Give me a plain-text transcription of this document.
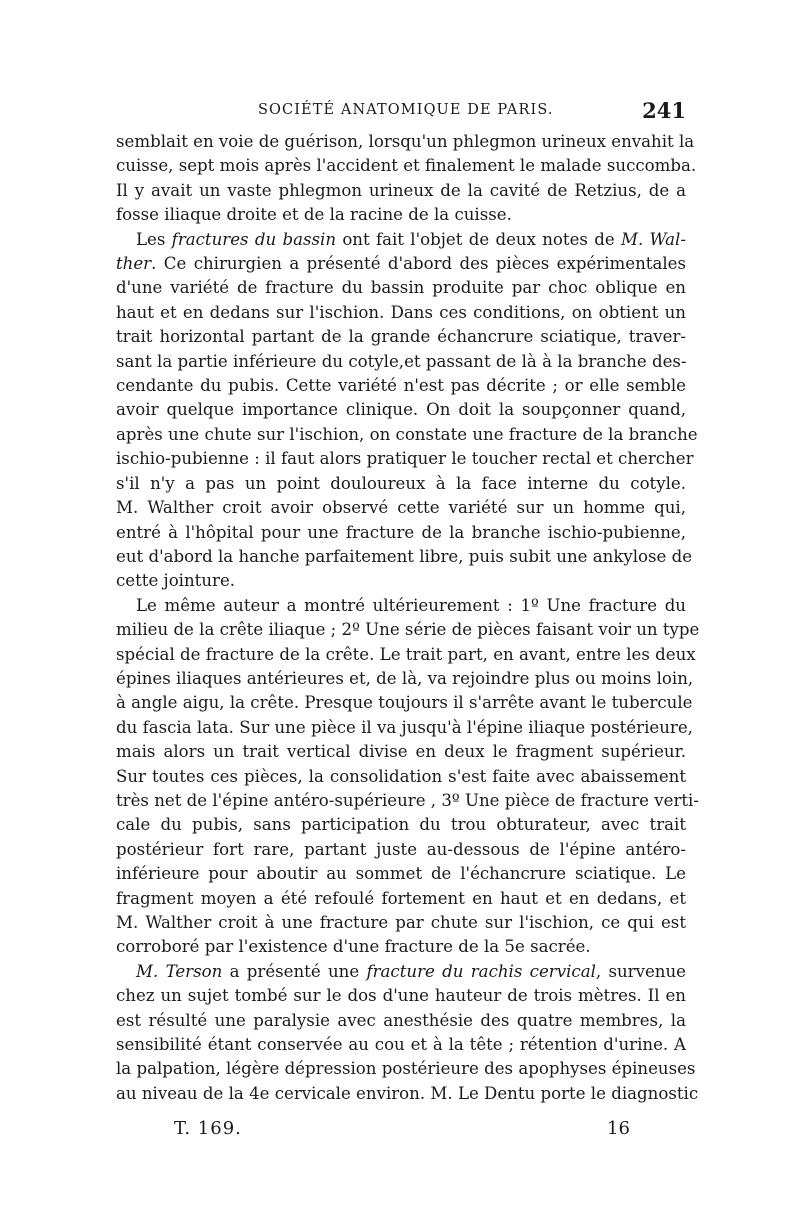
SOCIÉTÉ ANATOMIQUE DE PARIS.	241
semblait en voie de guérison, lorsqu'un phlegmon urineux envahit la
cuisse, sept mois après l'accident et finalement le malade succomba.
Il y avait un vaste phlegmon urineux de la cavité de Retzius, de a
fosse iliaque droite et de la racine de la cuisse.
Les fractures du bassin ont fait l'objet de deux notes de M. Wal-
ther. Ce chirurgien a présenté d'abord des pièces expérimentales
d'une variété de fracture du bassin produite par choc oblique en
haut et en dedans sur l'ischion. Dans ces conditions, on obtient un
trait horizontal partant de la grande échancrure sciatique, traver-
sant la partie inférieure du cotyle,et passant de là à la branche des-
cendante du pubis. Cette variété n'est pas décrite ; or elle semble
avoir quelque importance clinique. On doit la soupçonner quand,
après une chute sur l'ischion, on constate une fracture de la branche
ischio-pubienne : il faut alors pratiquer le toucher rectal et chercher
s'il n'y a pas un point douloureux à la face interne du cotyle.
M. Walther croit avoir observé cette variété sur un homme qui,
entré à l'hôpital pour une fracture de la branche ischio-pubienne,
eut d'abord la hanche parfaitement libre, puis subit une ankylose de
cette jointure.
Le même auteur a montré ultérieurement : 1º Une fracture du
milieu de la crête iliaque ; 2º Une série de pièces faisant voir un type
spécial de fracture de la crête. Le trait part, en avant, entre les deux
épines iliaques antérieures et, de là, va rejoindre plus ou moins loin,
à angle aigu, la crête. Presque toujours il s'arrête avant le tubercule
du fascia lata. Sur une pièce il va jusqu'à l'épine iliaque postérieure,
mais alors un trait vertical divise en deux le fragment supérieur.
Sur toutes ces pièces, la consolidation s'est faite avec abaissement
très net de l'épine antéro-supérieure , 3º Une pièce de fracture verti-
cale du pubis, sans participation du trou obturateur, avec trait
postérieur fort rare, partant juste au-dessous de l'épine antéro-
inférieure pour aboutir au sommet de l'échancrure sciatique. Le
fragment moyen a été refoulé fortement en haut et en dedans, et
M. Walther croit à une fracture par chute sur l'ischion, ce qui est
corroboré par l'existence d'une fracture de la 5e sacrée.
M. Terson a présenté une fracture du rachis cervical, survenue
chez un sujet tombé sur le dos d'une hauteur de trois mètres. Il en
est résulté une paralysie avec anesthésie des quatre membres, la
sensibilité étant conservée au cou et à la tête ; rétention d'urine. A
la palpation, légère dépression postérieure des apophyses épineuses
au niveau de la 4e cervicale environ. M. Le Dentu porte le diagnostic
T. 169.	16
